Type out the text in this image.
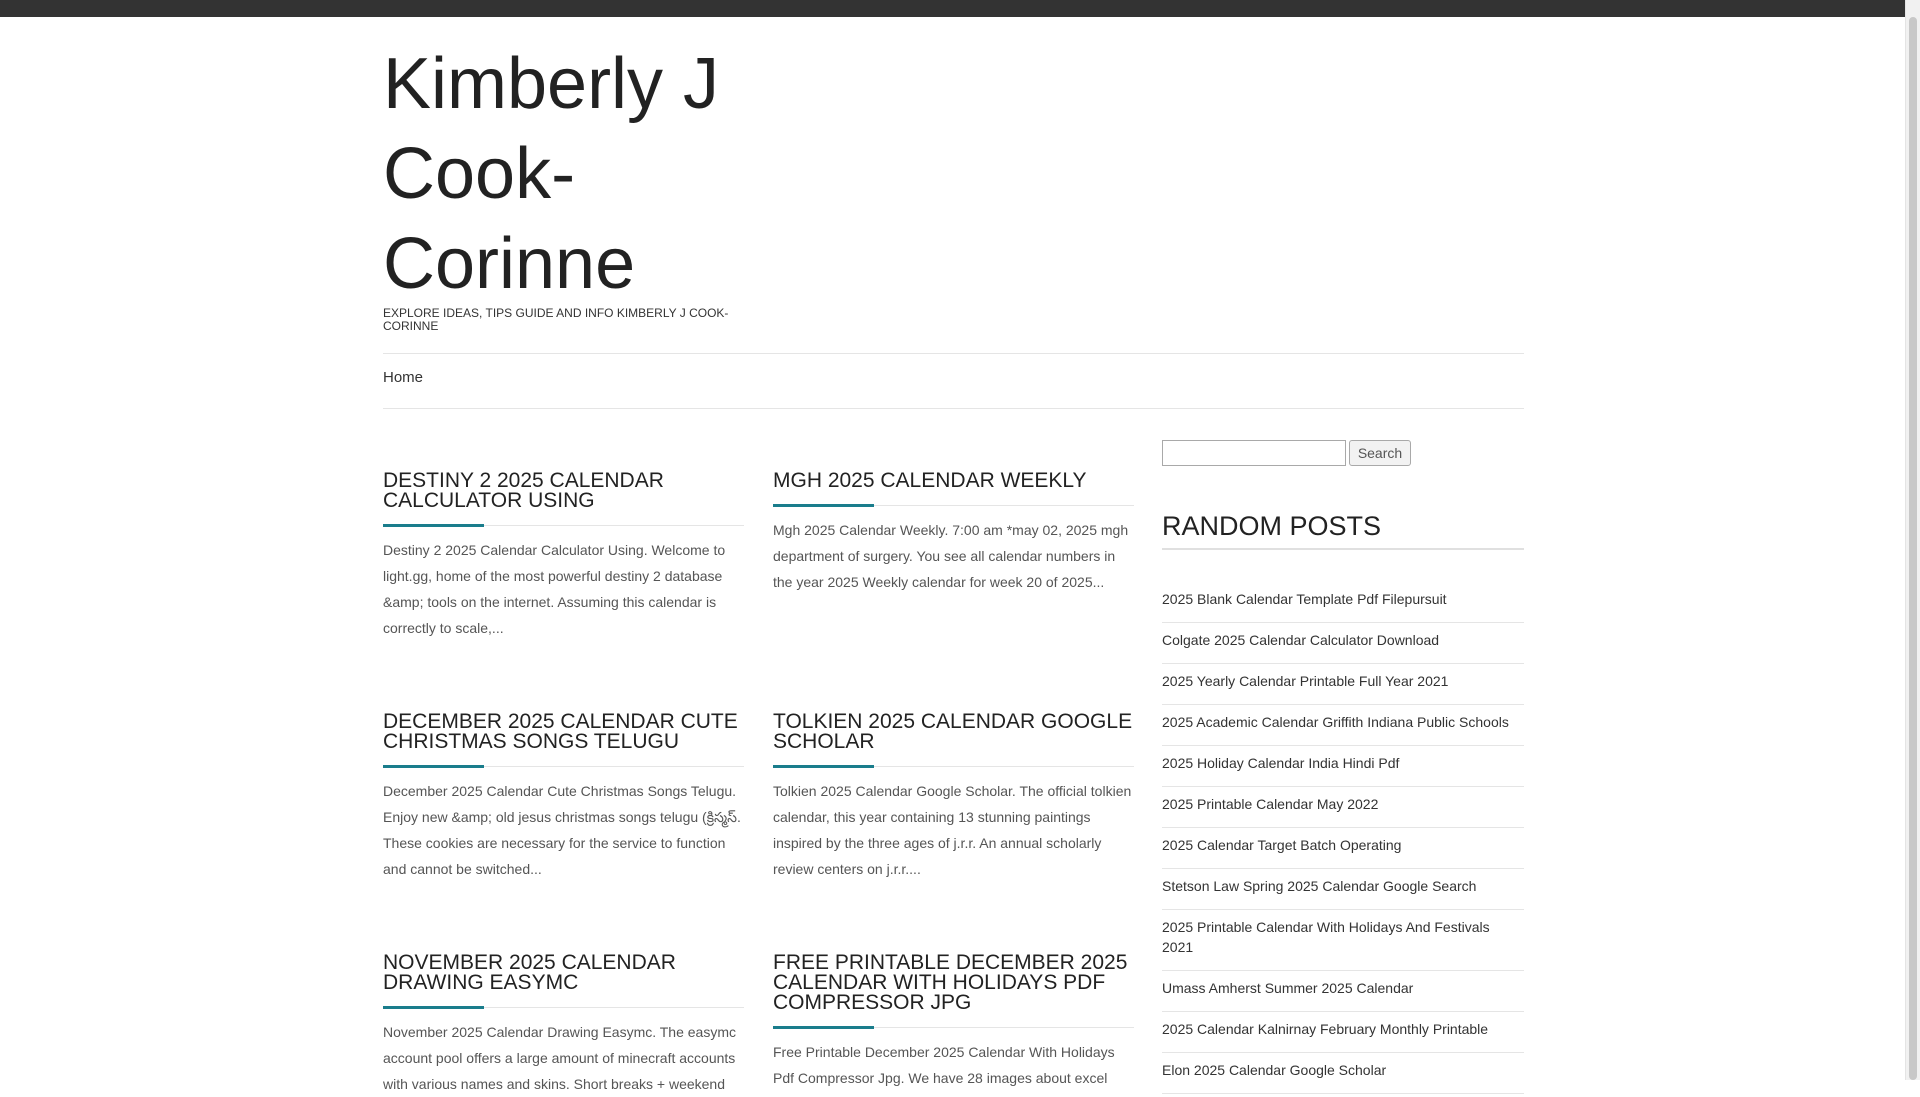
Kimberly J Cook-Corinne
EXPLORE IDEAS, TIPS GUIDE AND INFO KIMBERLY J COOK-CORINNE
Home
DESTINY 2 2025 CALENDAR CALCULATOR USING

Destiny 2 2025 Calendar Calculator Using. Welcome to light.gg, home of the most powerful destiny 2 database &amp; tools on the internet. Assuming this calendar is correctly to scale,...

MGH 2025 CALENDAR WEEKLY

Mgh 2025 Calendar Weekly. 7:00 am *may 02, 2025 mgh department of surgery. You see all calendar numbers in the year 2025 Weekly calendar for week 20 of 2025...

DECEMBER 2025 CALENDAR CUTE CHRISTMAS SONGS TELUGU

December 2025 Calendar Cute Christmas Songs Telugu. Enjoy new &amp; old jesus christmas songs telugu (క్రిస్మస్. These cookies are necessary for the service to function and cannot be switched...

TOLKIEN 2025 CALENDAR GOOGLE SCHOLAR

Tolkien 2025 Calendar Google Scholar. The official tolkien calendar, this year containing 13 stunning paintings inspired by the three ages of j.r.r. An annual scholarly review centers on j.r.r....

NOVEMBER 2025 CALENDAR DRAWING EASYMC

November 2025 Calendar Drawing Easymc. The easymc account pool offers a large amount of minecraft accounts with various names and skins. Short breaks + weekend

FREE PRINTABLE DECEMBER 2025 CALENDAR WITH HOLIDAYS PDF COMPRESSOR JPG

Free Printable December 2025 Calendar With Holidays Pdf Compressor Jpg. We have 28 images about excel

Search
RANDOM POSTS
2025 Blank Calendar Template Pdf Filepursuit
Colgate 2025 Calendar Calculator Download
2025 Yearly Calendar Printable Full Year 2021
2025 Academic Calendar Griffith Indiana Public Schools
2025 Holiday Calendar India Hindi Pdf
2025 Printable Calendar May 2022
2025 Calendar Target Batch Operating
Stetson Law Spring 2025 Calendar Google Search
2025 Printable Calendar With Holidays And Festivals 2021
Umass Amherst Summer 2025 Calendar
2025 Calendar Kalnirnay February Monthly Printable
Elon 2025 Calendar Google Scholar
